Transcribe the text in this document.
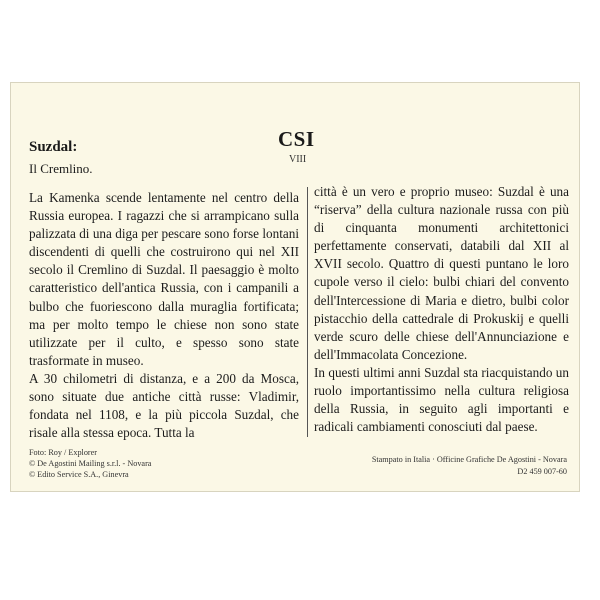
CSI
VIII
Suzdal:
Il Cremlino.

La Kamenka scende lentamente nel centro della Russia europea. I ragazzi che si arrampicano sulla palizzata di una diga per pescare sono forse lontani discendenti di quelli che costruirono qui nel XII secolo il Cremlino di Suzdal. Il paesaggio è molto caratteristico dell'antica Russia, con i campanili a bulbo che fuoriescono dalla muraglia fortificata; ma per molto tempo le chiese non sono state utilizzate per il culto, e spesso sono state trasformate in museo.

A 30 chilometri di distanza, e a 200 da Mosca, sono situate due antiche città russe: Vladimir, fondata nel 1108, e la più piccola Suzdal, che risale alla stessa epoca. Tutta la

città è un vero e proprio museo: Suzdal è una “riserva” della cultura nazionale russa con più di cinquanta monumenti architettonici perfettamente conservati, databili dal XII al XVII secolo. Quattro di questi puntano le loro cupole verso il cielo: bulbi chiari del convento dell'Intercessione di Maria e dietro, bulbi color pistacchio della cattedrale di Prokuskij e quelli verde scuro delle chiese dell'Annunciazione e dell'Immacolata Concezione.

In questi ultimi anni Suzdal sta riacquistando un ruolo importantissimo nella cultura religiosa della Russia, in seguito agli importanti e radicali cambiamenti conosciuti dal paese.

Foto: Roy / Explorer
© De Agostini Mailing s.r.l. - Novara
© Edito Service S.A., Ginevra
Stampato in Italia · Officine Grafiche De Agostini - Novara
D2 459 007-60
